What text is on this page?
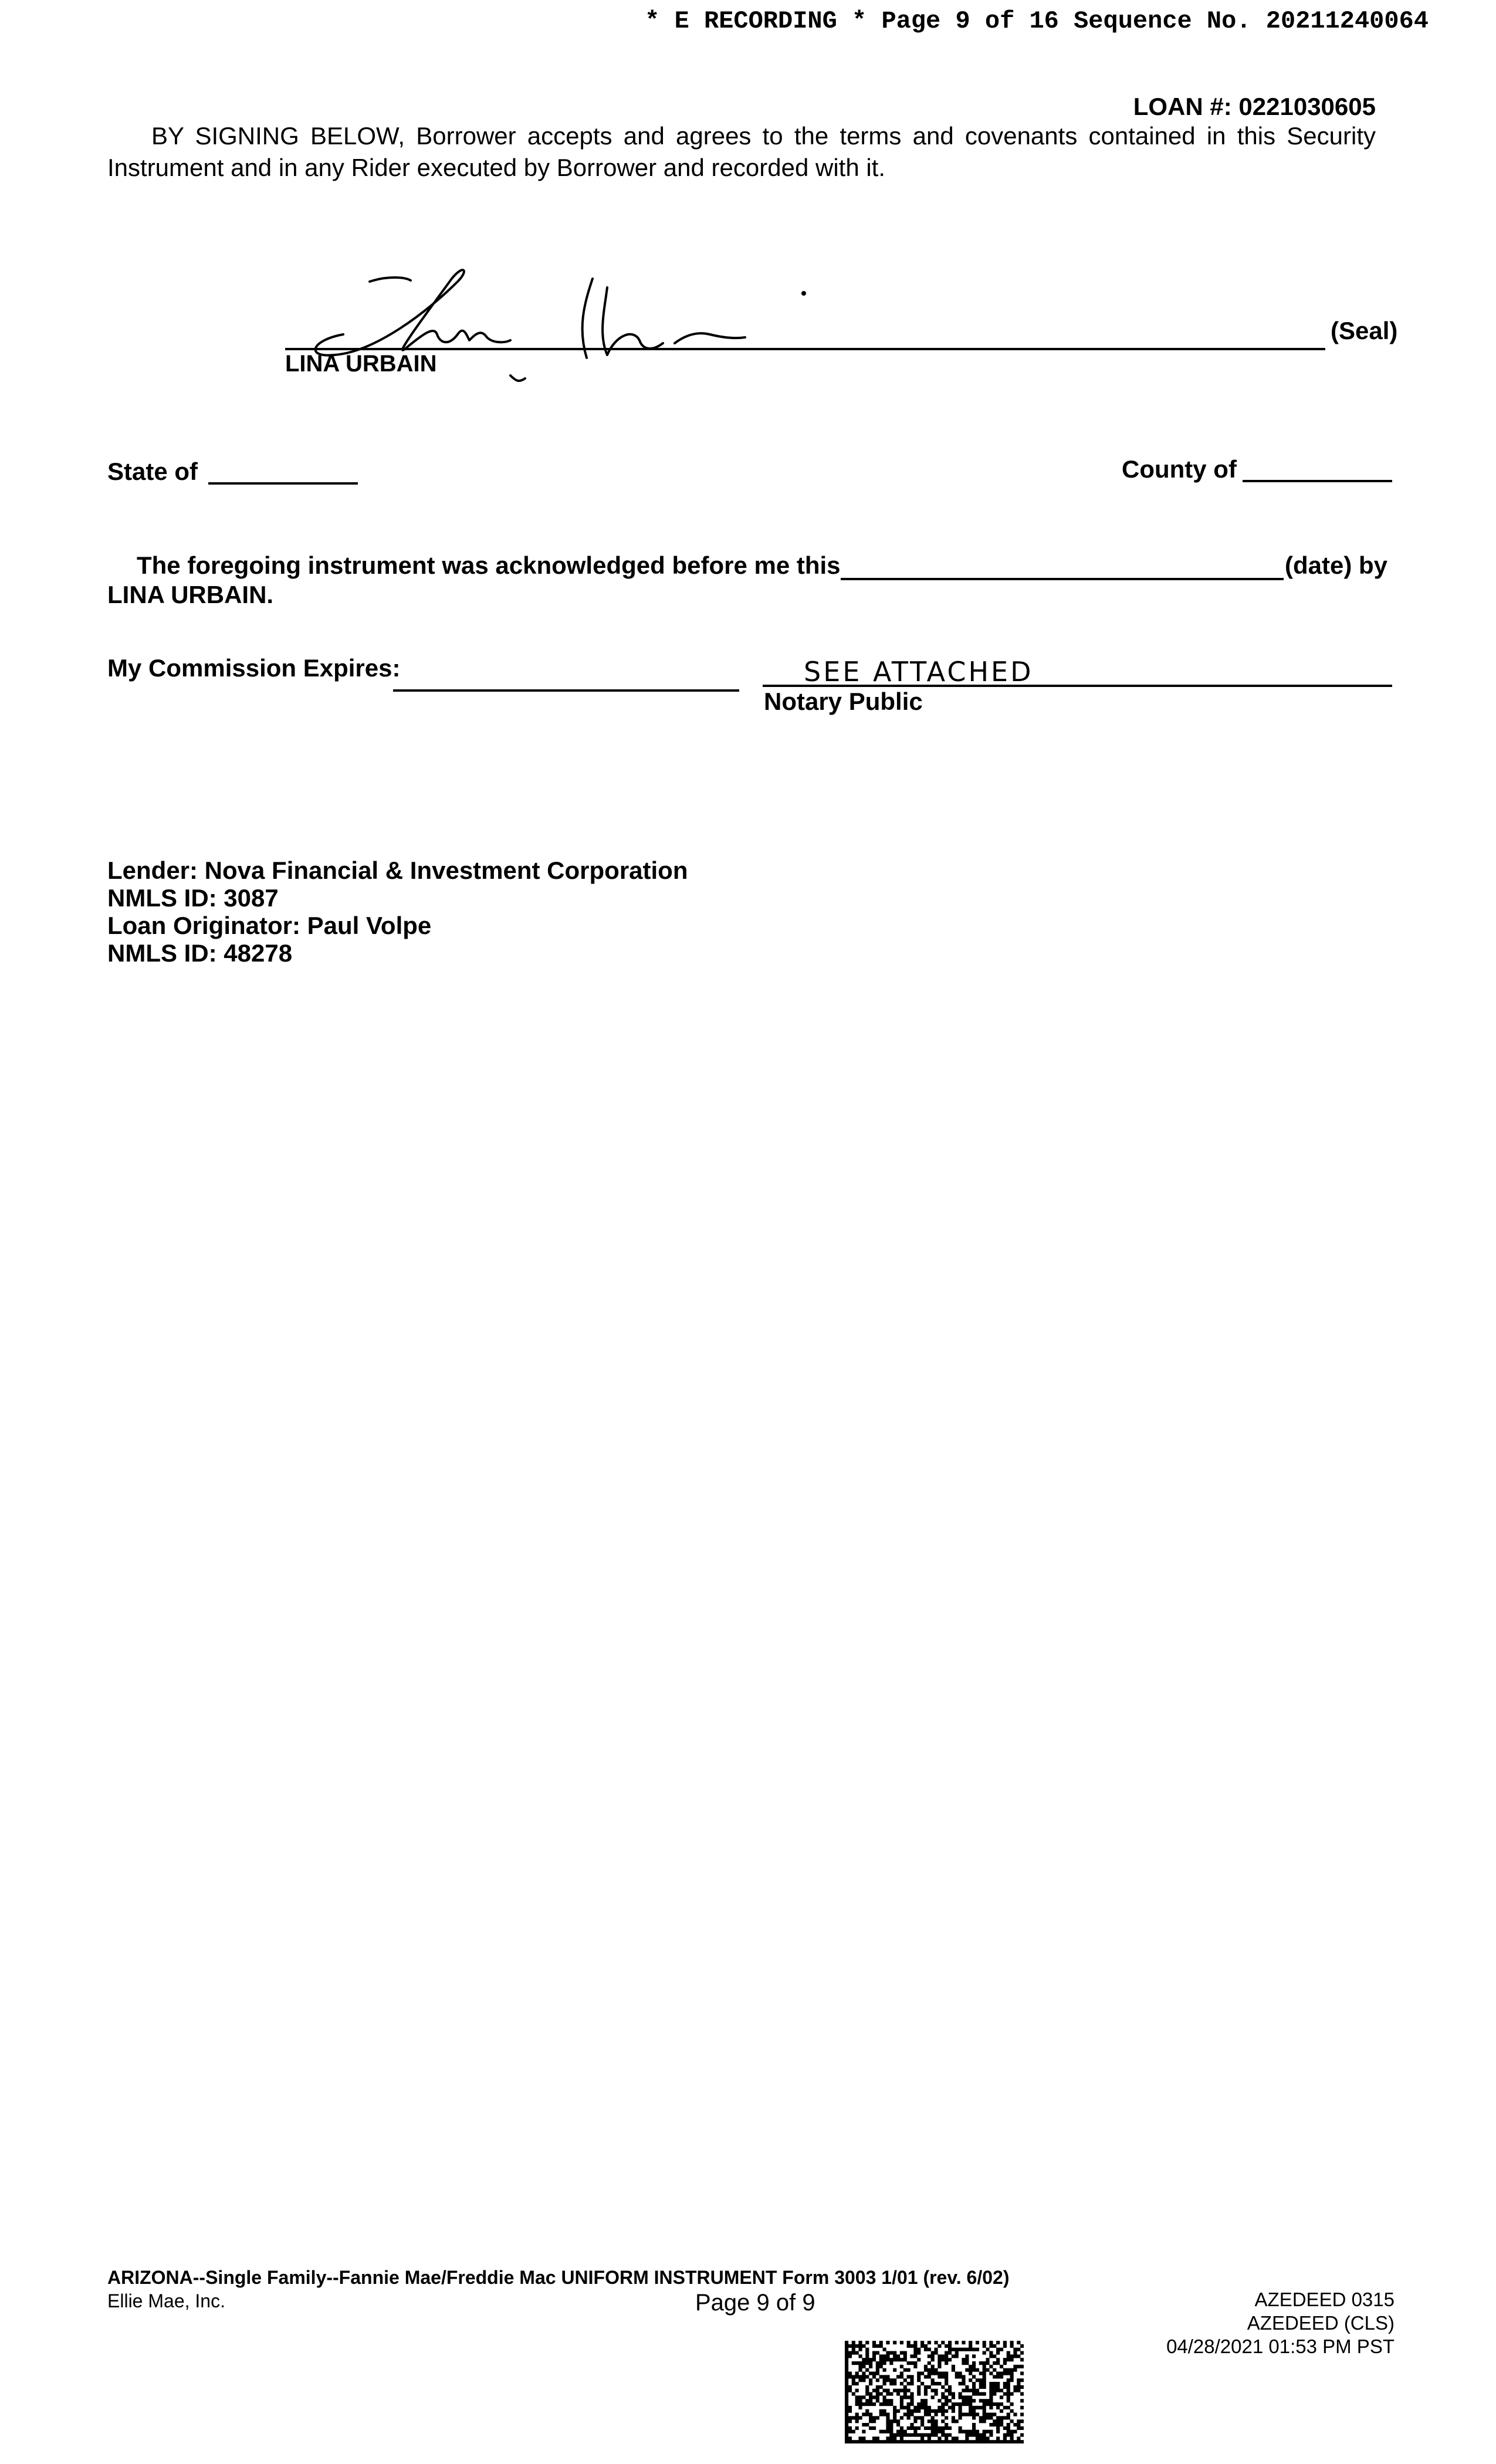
* E RECORDING * Page 9 of 16 Sequence No. 20211240064
LOAN #: 0221030605

BY SIGNING BELOW, Borrower accepts and agrees to the terms and covenants contained in this Security Instrument and in any Rider executed by Borrower and recorded with it.

(Seal)
LINA URBAIN
State of	County of
The foregoing instrument was acknowledged before me this	(date) by
LINA URBAIN.
My Commission Expires:	SEE ATTACHED
Notary Public
Lender: Nova Financial & Investment Corporation
NMLS ID: 3087
Loan Originator: Paul Volpe
NMLS ID: 48278
ARIZONA--Single Family--Fannie Mae/Freddie Mac UNIFORM INSTRUMENT Form 3003 1/01 (rev. 6/02)
Ellie Mae, Inc.	Page 9 of 9	AZEDEED 0315
AZEDEED (CLS)
04/28/2021 01:53 PM PST
